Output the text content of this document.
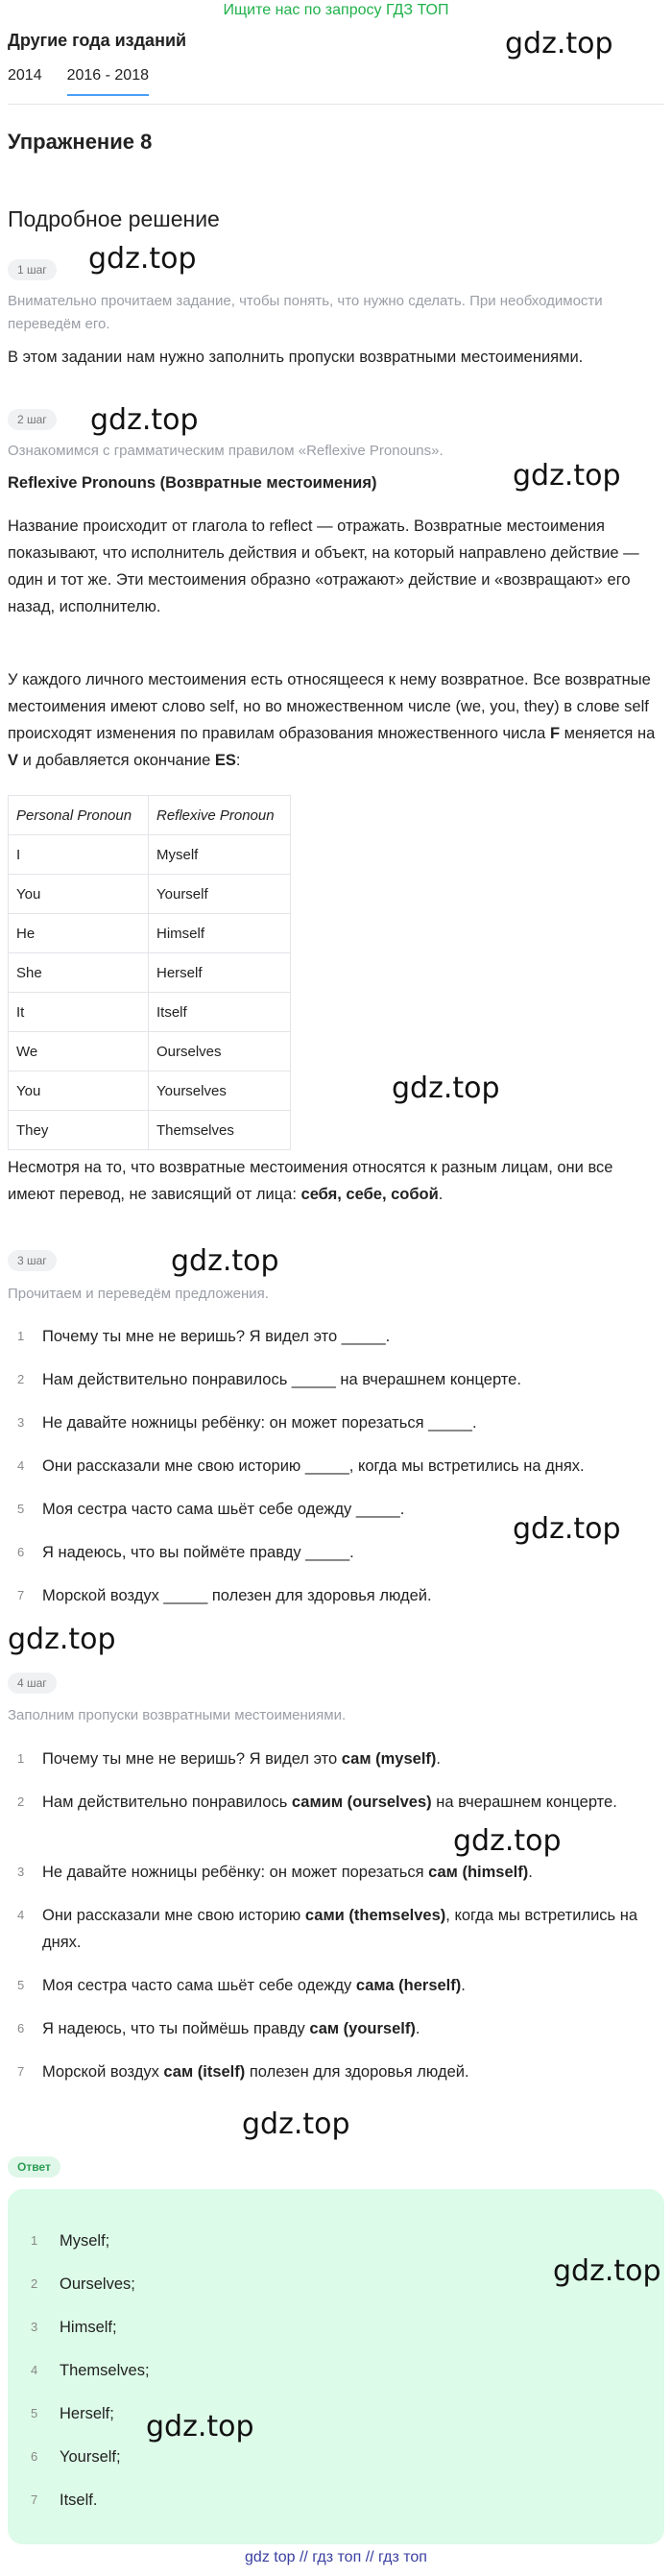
Ищите нас по запросу ГДЗ ТОП
Другие года изданий
2014 2016 - 2018
Упражнение 8
Подробное решение
1 шаг
Внимательно прочитаем задание, чтобы понять, что нужно сделать. При необходимости переведём его.
В этом задании нам нужно заполнить пропуски возвратными местоимениями.
2 шаг
Ознакомимся с грамматическим правилом «Reflexive Pronouns».
Reflexive Pronouns (Возвратные местоимения)
Название происходит от глагола to reflect — отражать. Возвратные местоимения показывают, что исполнитель действия и объект, на который направлено действие — один и тот же. Эти местоимения образно «отражают» действие и «возвращают» его назад, исполнителю.
У каждого личного местоимения есть относящееся к нему возвратное. Все возвратные местоимения имеют слово self, но во множественном числе (we, you, they) в слове self происходят изменения по правилам образования множественного числа F меняется на V и добавляется окончание ES:
Personal Pronoun	Reflexive Pronoun
I	Myself
You	Yourself
He	Himself
She	Herself
It	Itself
We	Ourselves
You	Yourselves
They	Themselves
Несмотря на то, что возвратные местоимения относятся к разным лицам, они все имеют перевод, не зависящий от лица: себя, себе, собой.
3 шаг
Прочитаем и переведём предложения.
1 Почему ты мне не веришь? Я видел это _____.
2 Нам действительно понравилось _____ на вчерашнем концерте.
3 Не давайте ножницы ребёнку: он может порезаться _____.
4 Они рассказали мне свою историю _____, когда мы встретились на днях.
5 Моя сестра часто сама шьёт себе одежду _____.
6 Я надеюсь, что вы поймёте правду _____.
7 Морской воздух _____ полезен для здоровья людей.
4 шаг
Заполним пропуски возвратными местоимениями.
1 Почему ты мне не веришь? Я видел это сам (myself).
2 Нам действительно понравилось самим (ourselves) на вчерашнем концерте.
3 Не давайте ножницы ребёнку: он может порезаться сам (himself).
4 Они рассказали мне свою историю сами (themselves), когда мы встретились на днях.
5 Моя сестра часто сама шьёт себе одежду сама (herself).
6 Я надеюсь, что ты поймёшь правду сам (yourself).
7 Морской воздух сам (itself) полезен для здоровья людей.
Ответ
1 Myself;
2 Ourselves;
3 Himself;
4 Themselves;
5 Herself;
6 Yourself;
7 Itself.
gdz top // гдз топ // гдз топ
gdz.top
gdz.top
gdz.top
gdz.top
gdz.top
gdz.top
gdz.top
gdz.top
gdz.top
gdz.top
gdz.top
gdz.top
